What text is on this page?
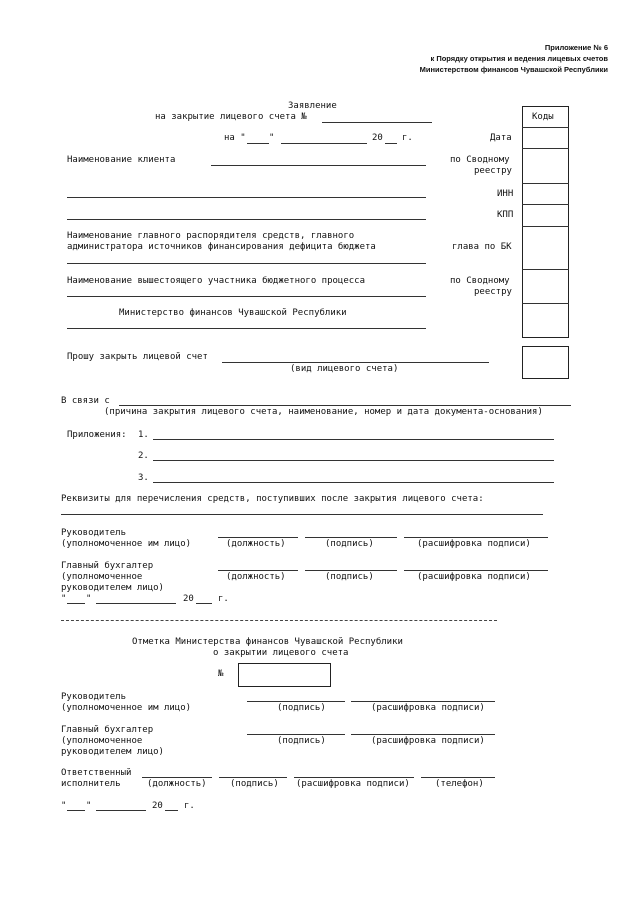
Приложение № 6
к Порядку открытия и ведения лицевых счетов
Министерством финансов Чувашской Республики
Заявление
на закрытие лицевого счета №
на "	"	20 г.
Коды
Дата
по Сводному
реестру
ИНН
КПП
глава по БК
по Сводному
реестру
Наименование клиента
Наименование главного распорядителя средств, главного
администратора источников финансирования дефицита бюджета
Наименование вышестоящего участника бюджетного процесса
Министерство финансов Чувашской Республики
Прошу закрыть лицевой счет
(вид лицевого счета)
В связи с
(причина закрытия лицевого счета, наименование, номер и дата документа-основания)
Приложения: 1.
2.
3.
Реквизиты для перечисления средств, поступивших после закрытия лицевого счета:
Руководитель
(уполномоченное им лицо)	(должность)	(подпись)	(расшифровка подписи)
Главный бухгалтер
(уполномоченное
руководителем лицо)
(должность)	(подпись)	(расшифровка подписи)
" "	20	г.
Отметка Министерства финансов Чувашской Республики
о закрытии лицевого счета
№
Руководитель
(уполномоченное им лицо)	(подпись)	(расшифровка подписи)
Главный бухгалтер
(уполномоченное
руководителем лицо)
(подпись)	(расшифровка подписи)
Ответственный
исполнитель	(должность)	(подпись) (расшифровка подписи)	(телефон)
" "	20 г.
